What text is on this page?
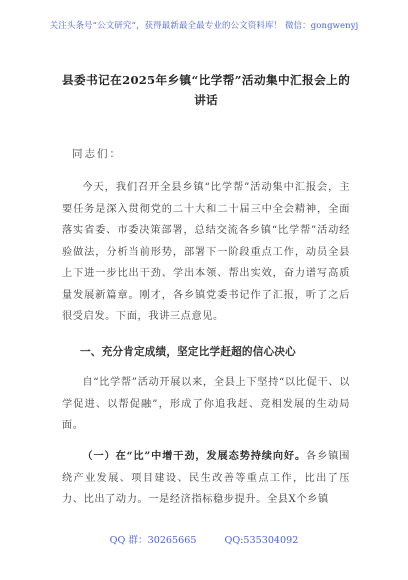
关注头条号“公文研究”，获得最新最全最专业的公文资料库！ 微信：gongwenyj
县委书记在2025年乡镇“比学帮”活动集中汇报会上的讲话
同志们：
今天，我们召开全县乡镇“比学帮”活动集中汇报会，主要任务是深入贯彻党的二十大和二十届三中全会精神，全面落实省委、市委决策部署，总结交流各乡镇“比学帮”活动经验做法，分析当前形势，部署下一阶段重点工作，动员全县上下进一步比出干劲、学出本领、帮出实效，奋力谱写高质量发展新篇章。刚才，各乡镇党委书记作了汇报，听了之后很受启发。下面，我讲三点意见。
一、充分肯定成绩，坚定比学赶超的信心决心
自“比学帮”活动开展以来，全县上下坚持“以比促干、以学促进、以帮促融”，形成了你追我赶、竞相发展的生动局面。
（一）在“比”中增干劲，发展态势持续向好。各乡镇围绕产业发展、项目建设、民生改善等重点工作，比出了压力、比出了动力。一是经济指标稳步提升。全县X个乡镇
QQ 群：30265665	QQ:535304092
